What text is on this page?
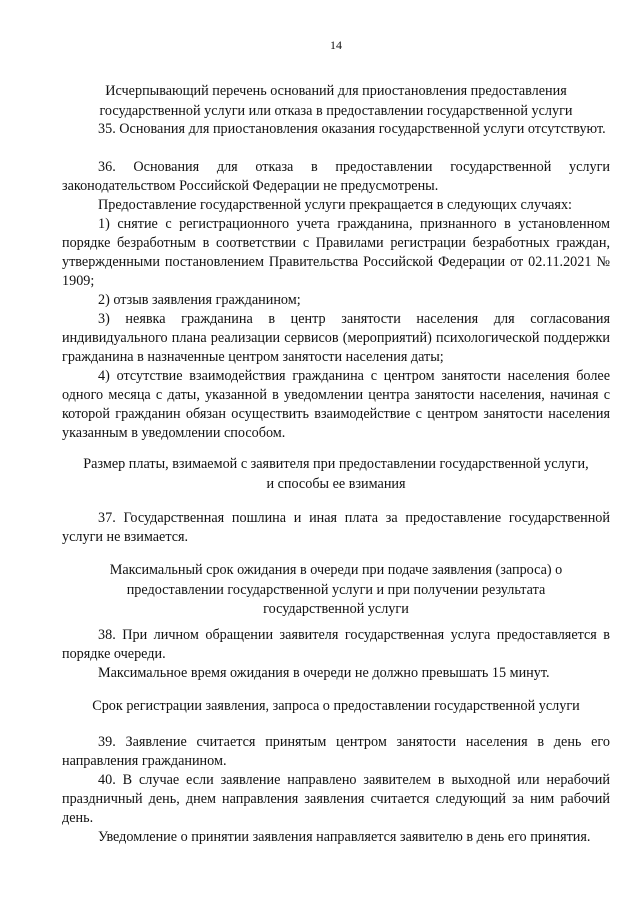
14
Исчерпывающий перечень оснований для приостановления предоставления
государственной услуги или отказа в предоставлении государственной услуги

35. Основания для приостановления оказания государственной услуги отсутствуют.

36. Основания для отказа в предоставлении государственной услуги законодательством Российской Федерации не предусмотрены.

Предоставление государственной услуги прекращается в следующих случаях:

1) снятие с регистрационного учета гражданина, признанного в установленном порядке безработным в соответствии с Правилами регистрации безработных граждан, утвержденными постановлением Правительства Российской Федерации от 02.11.2021 № 1909;

2) отзыв заявления гражданином;

3) неявка гражданина в центр занятости населения для согласования индивидуального плана реализации сервисов (мероприятий) психологической поддержки гражданина в назначенные центром занятости населения даты;

4) отсутствие взаимодействия гражданина с центром занятости населения более одного месяца с даты, указанной в уведомлении центра занятости населения, начиная с которой гражданин обязан осуществить взаимодействие с центром занятости населения указанным в уведомлении способом.

Размер платы, взимаемой с заявителя при предоставлении государственной услуги,
и способы ее взимания

37. Государственная пошлина и иная плата за предоставление государственной услуги не взимается.

Максимальный срок ожидания в очереди при подаче заявления (запроса) о
предоставлении государственной услуги и при получении результата
государственной услуги

38. При личном обращении заявителя государственная услуга предоставляется в порядке очереди.

Максимальное время ожидания в очереди не должно превышать 15 минут.

Срок регистрации заявления, запроса о предоставлении государственной услуги

39. Заявление считается принятым центром занятости населения в день его направления гражданином.

40. В случае если заявление направлено заявителем в выходной или нерабочий праздничный день, днем направления заявления считается следующий за ним рабочий день.

Уведомление о принятии заявления направляется заявителю в день его принятия.
